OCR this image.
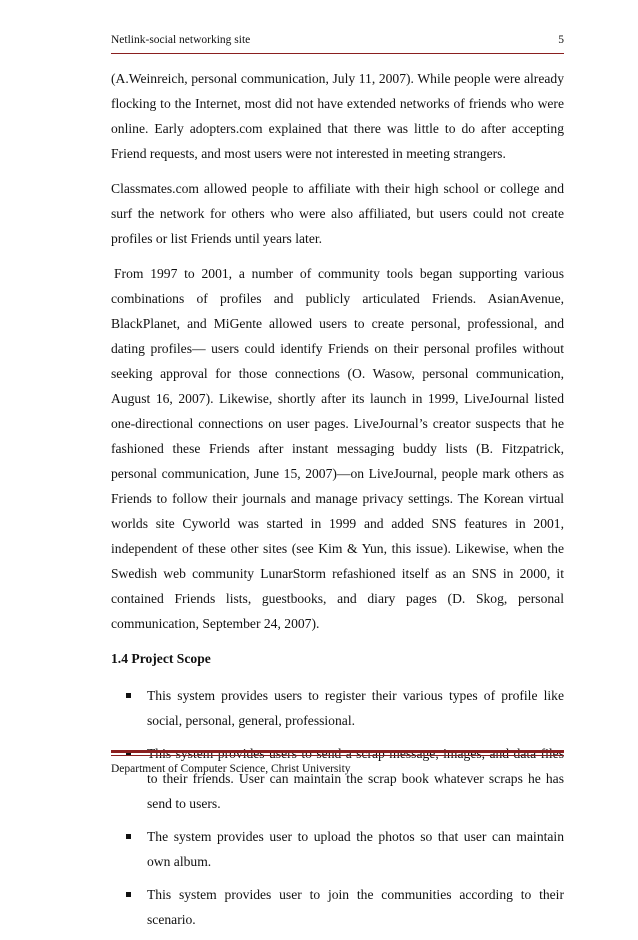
Netlink-social networking site	5

(A.Weinreich, personal communication, July 11, 2007). While people were already flocking to the Internet, most did not have extended networks of friends who were online. Early adopters.com explained that there was little to do after accepting Friend requests, and most users were not interested in meeting strangers.

Classmates.com allowed people to affiliate with their high school or college and surf the network for others who were also affiliated, but users could not create profiles or list Friends until years later.

From 1997 to 2001, a number of community tools began supporting various combinations of profiles and publicly articulated Friends. AsianAvenue, BlackPlanet, and MiGente allowed users to create personal, professional, and dating profiles— users could identify Friends on their personal profiles without seeking approval for those connections (O. Wasow, personal communication, August 16, 2007). Likewise, shortly after its launch in 1999, LiveJournal listed one-directional connections on user pages. LiveJournal’s creator suspects that he fashioned these Friends after instant messaging buddy lists (B. Fitzpatrick, personal communication, June 15, 2007)—on LiveJournal, people mark others as Friends to follow their journals and manage privacy settings. The Korean virtual worlds site Cyworld was started in 1999 and added SNS features in 2001, independent of these other sites (see Kim & Yun, this issue). Likewise, when the Swedish web community LunarStorm refashioned itself as an SNS in 2000, it contained Friends lists, guestbooks, and diary pages (D. Skog, personal communication, September 24, 2007).

1.4 Project Scope
This system provides users to register their various types of profile like social, personal, general, professional.
This system provides users to send a scrap message, images, and data files to their friends. User can maintain the scrap book whatever scraps he has send to users.
The system provides user to upload the photos so that user can maintain own album.
This system provides user to join the communities according to their scenario.
Department of Computer Science, Christ University
